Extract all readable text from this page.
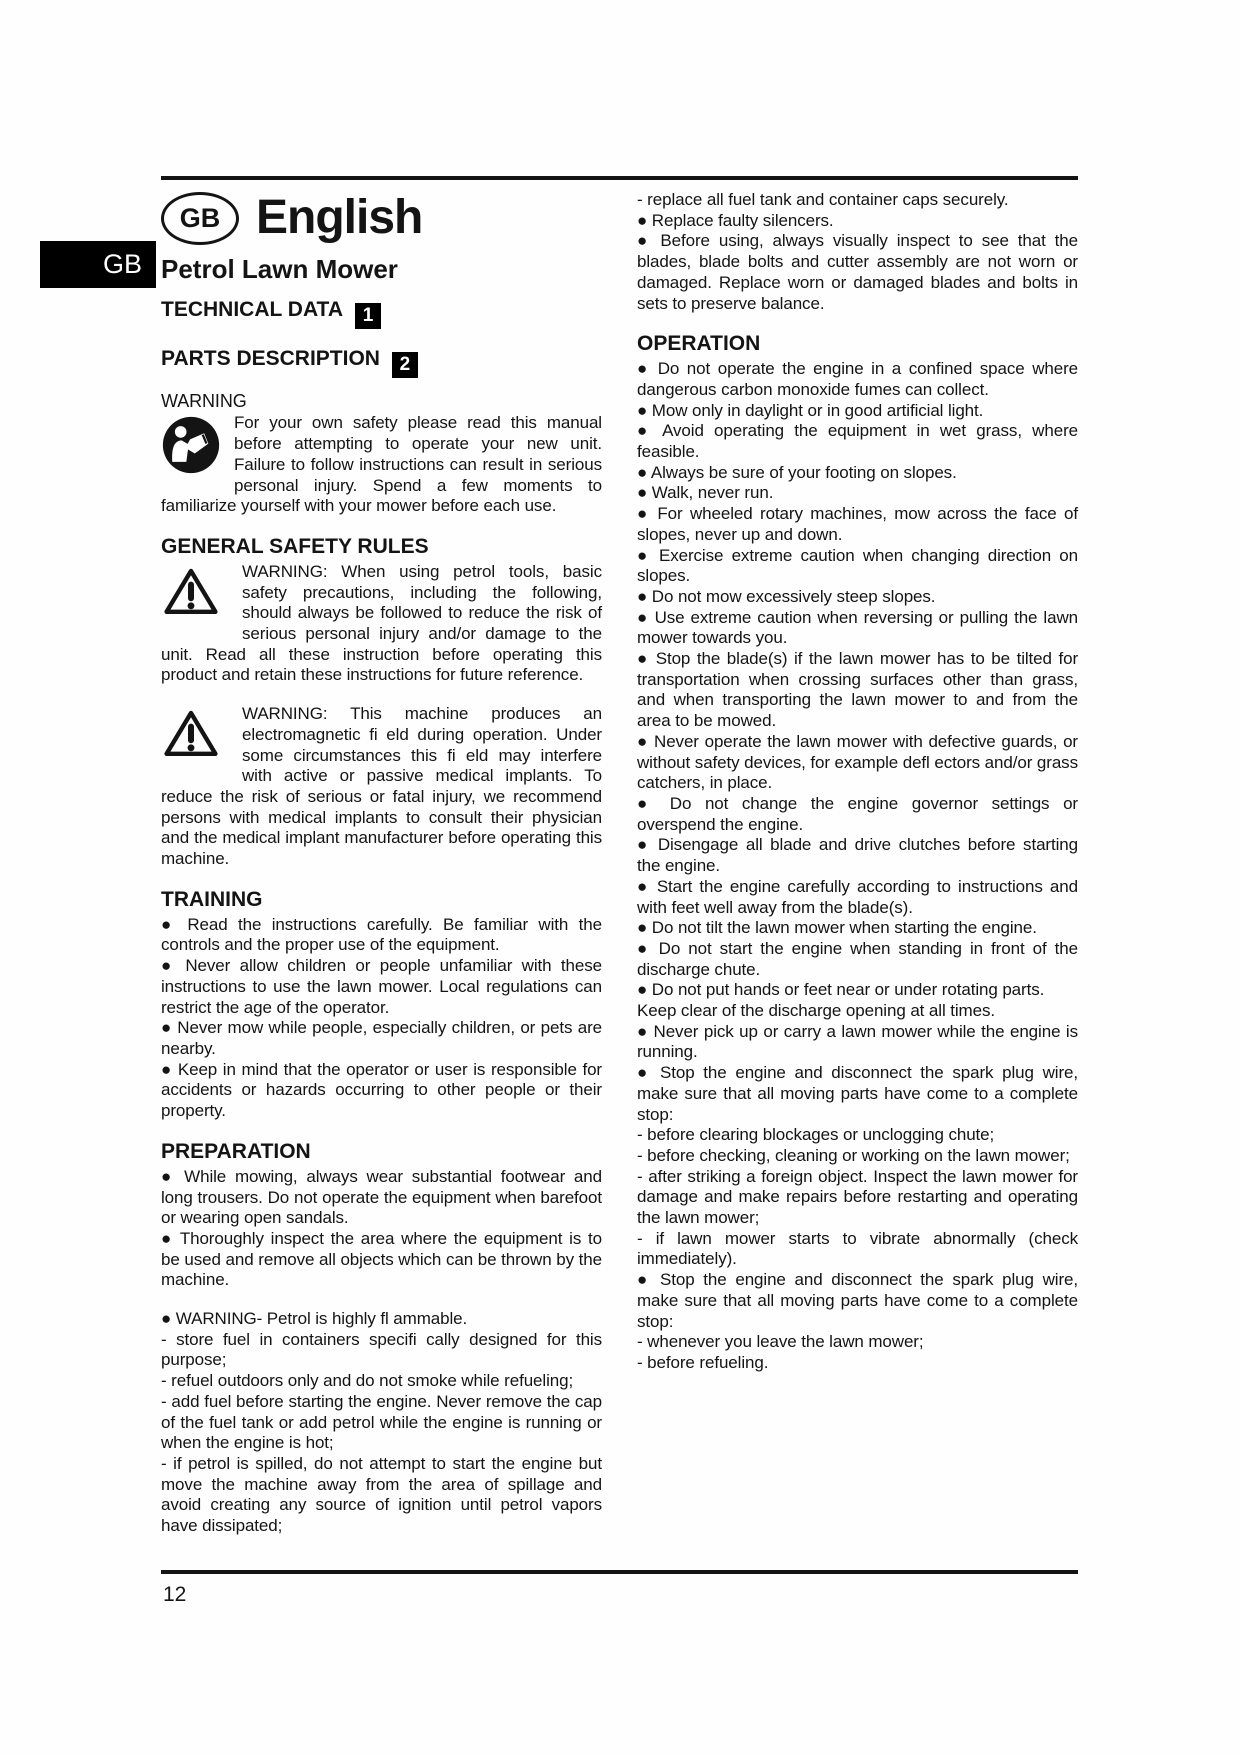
GB
GB English
Petrol Lawn Mower
TECHNICAL DATA 1
PARTS DESCRIPTION 2

WARNING

For your own safety please read this manual before attempting to operate your new unit. Failure to follow instructions can result in serious personal injury. Spend a few moments to familiarize yourself with your mower before each use.

GENERAL SAFETY RULES

WARNING: When using petrol tools, basic safety precautions, including the following, should always be followed to reduce the risk of serious personal injury and/or damage to the unit. Read all these instruction before operating this product and retain these instructions for future reference.

WARNING: This machine produces an electromagnetic fi eld during operation. Under some circumstances this fi eld may interfere with active or passive medical implants. To reduce the risk of serious or fatal injury, we recommend persons with medical implants to consult their physician and the medical implant manufacturer before operating this machine.

TRAINING

● Read the instructions carefully. Be familiar with the controls and the proper use of the equipment.

● Never allow children or people unfamiliar with these instructions to use the lawn mower. Local regulations can restrict the age of the operator.

● Never mow while people, especially children, or pets are nearby.

● Keep in mind that the operator or user is responsible for accidents or hazards occurring to other people or their property.

PREPARATION

● While mowing, always wear substantial footwear and long trousers. Do not operate the equipment when barefoot or wearing open sandals.

● Thoroughly inspect the area where the equipment is to be used and remove all objects which can be thrown by the machine.

● WARNING- Petrol is highly fl ammable.

- store fuel in containers specifi cally designed for this purpose;

- refuel outdoors only and do not smoke while refueling;

- add fuel before starting the engine. Never remove the cap of the fuel tank or add petrol while the engine is running or when the engine is hot;

- if petrol is spilled, do not attempt to start the engine but move the machine away from the area of spillage and avoid creating any source of ignition until petrol vapors have dissipated;

- replace all fuel tank and container caps securely.

● Replace faulty silencers.

● Before using, always visually inspect to see that the blades, blade bolts and cutter assembly are not worn or damaged. Replace worn or damaged blades and bolts in sets to preserve balance.

OPERATION

● Do not operate the engine in a confined space where dangerous carbon monoxide fumes can collect.

● Mow only in daylight or in good artificial light.

● Avoid operating the equipment in wet grass, where feasible.

● Always be sure of your footing on slopes.

● Walk, never run.

● For wheeled rotary machines, mow across the face of slopes, never up and down.

● Exercise extreme caution when changing direction on slopes.

● Do not mow excessively steep slopes.

● Use extreme caution when reversing or pulling the lawn mower towards you.

● Stop the blade(s) if the lawn mower has to be tilted for transportation when crossing surfaces other than grass, and when transporting the lawn mower to and from the area to be mowed.

● Never operate the lawn mower with defective guards, or without safety devices, for example defl ectors and/or grass catchers, in place.

● Do not change the engine governor settings or overspend the engine.

● Disengage all blade and drive clutches before starting the engine.

● Start the engine carefully according to instructions and with feet well away from the blade(s).

● Do not tilt the lawn mower when starting the engine.

● Do not start the engine when standing in front of the discharge chute.

● Do not put hands or feet near or under rotating parts.

Keep clear of the discharge opening at all times.

● Never pick up or carry a lawn mower while the engine is running.

● Stop the engine and disconnect the spark plug wire, make sure that all moving parts have come to a complete stop:

- before clearing blockages or unclogging chute;

- before checking, cleaning or working on the lawn mower;

- after striking a foreign object. Inspect the lawn mower for damage and make repairs before restarting and operating the lawn mower;

- if lawn mower starts to vibrate abnormally (check immediately).

● Stop the engine and disconnect the spark plug wire, make sure that all moving parts have come to a complete stop:

- whenever you leave the lawn mower;

- before refueling.

12
